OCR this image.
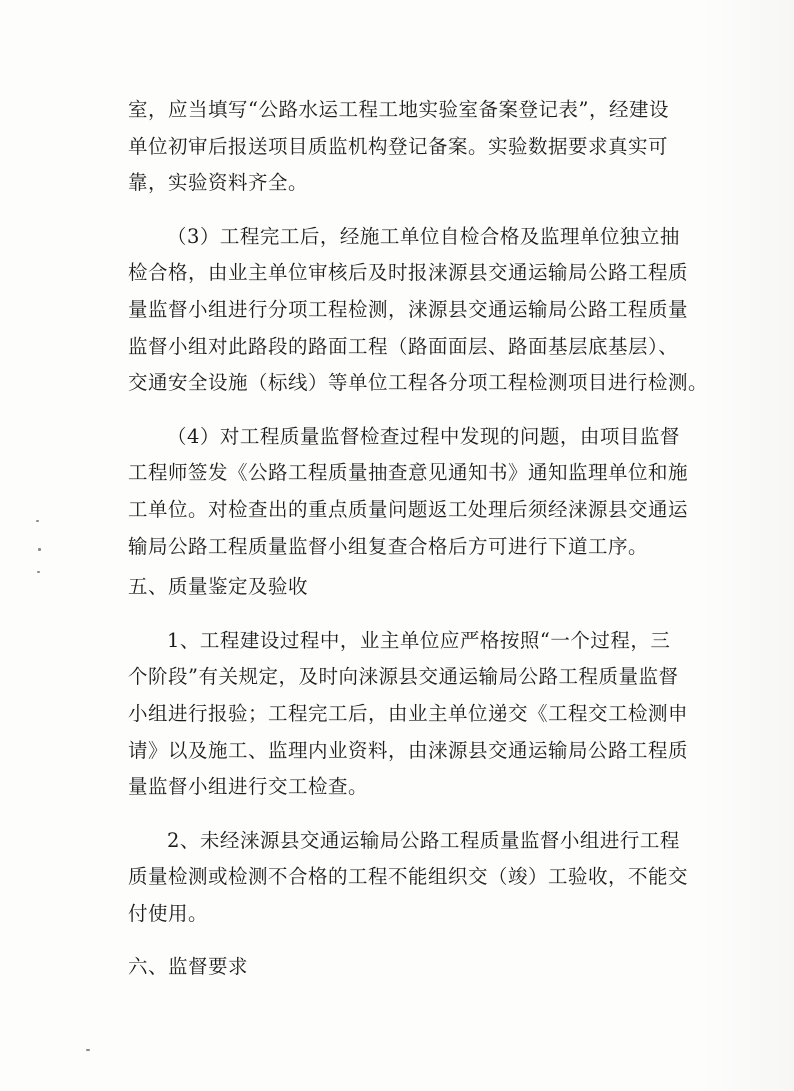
室，应当填写“公路水运工程工地实验室备案登记表”，经建设
单位初审后报送项目质监机构登记备案。实验数据要求真实可
靠，实验资料齐全。

（3）工程完工后，经施工单位自检合格及监理单位独立抽
检合格，由业主单位审核后及时报涞源县交通运输局公路工程质
量监督小组进行分项工程检测，涞源县交通运输局公路工程质量
监督小组对此路段的路面工程（路面面层、路面基层底基层）、
交通安全设施（标线）等单位工程各分项工程检测项目进行检测。

（4）对工程质量监督检查过程中发现的问题，由项目监督
工程师签发《公路工程质量抽查意见通知书》通知监理单位和施
工单位。对检查出的重点质量问题返工处理后须经涞源县交通运
输局公路工程质量监督小组复查合格后方可进行下道工序。

五、质量鉴定及验收

1、工程建设过程中，业主单位应严格按照“一个过程，三
个阶段”有关规定，及时向涞源县交通运输局公路工程质量监督
小组进行报验；工程完工后，由业主单位递交《工程交工检测申
请》以及施工、监理内业资料，由涞源县交通运输局公路工程质
量监督小组进行交工检查。

2、未经涞源县交通运输局公路工程质量监督小组进行工程
质量检测或检测不合格的工程不能组织交（竣）工验收，不能交
付使用。

六、监督要求
